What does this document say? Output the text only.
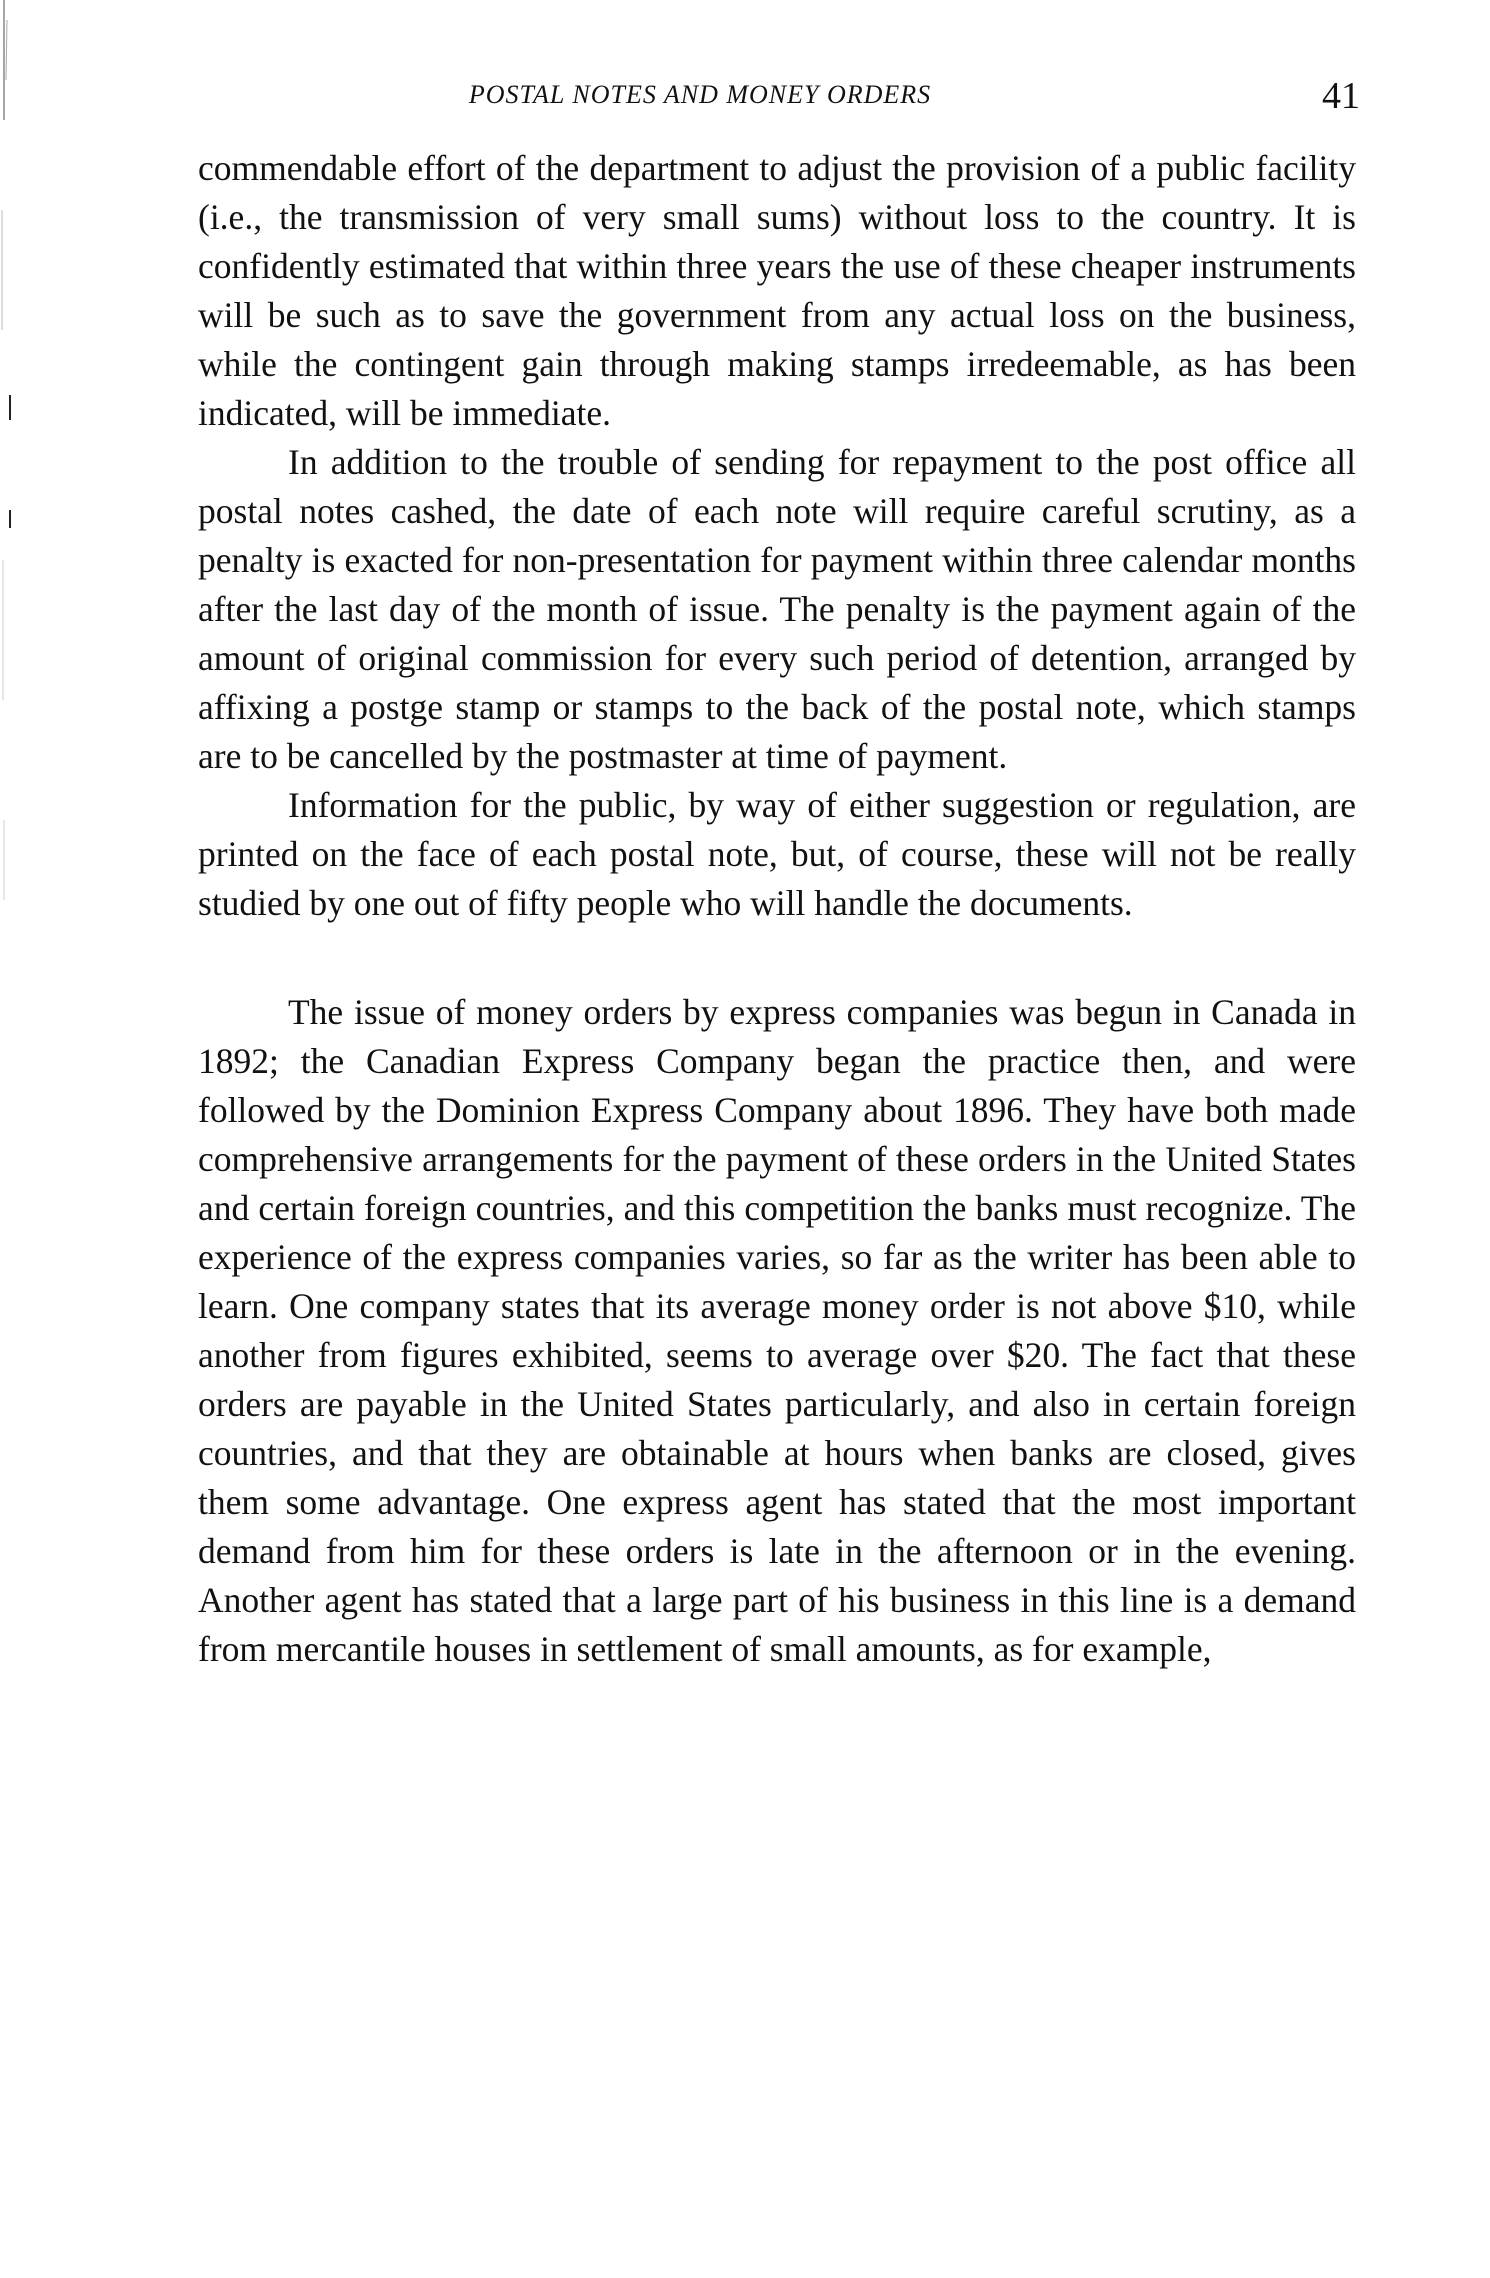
POSTAL NOTES AND MONEY ORDERS	41

commendable effort of the department to adjust the provision of a public facility (i.e., the transmission of very small sums) without loss to the country. It is confidently estimated that within three years the use of these cheaper instruments will be such as to save the government from any actual loss on the business, while the contingent gain through making stamps irredeemable, as has been indicated, will be immediate.

In addition to the trouble of sending for repayment to the post office all postal notes cashed, the date of each note will require careful scrutiny, as a penalty is exacted for non-presentation for payment within three calendar months after the last day of the month of issue. The penalty is the payment again of the amount of original commission for every such period of detention, arranged by affixing a postge stamp or stamps to the back of the postal note, which stamps are to be cancelled by the postmaster at time of payment.

Information for the public, by way of either suggestion or regulation, are printed on the face of each postal note, but, of course, these will not be really studied by one out of fifty people who will handle the documents.

The issue of money orders by express companies was begun in Canada in 1892; the Canadian Express Company began the practice then, and were followed by the Dominion Express Company about 1896. They have both made comprehensive arrangements for the payment of these orders in the United States and certain foreign countries, and this competition the banks must recognize. The experience of the express companies varies, so far as the writer has been able to learn. One company states that its average money order is not above $10, while another from figures exhibited, seems to average over $20. The fact that these orders are payable in the United States particularly, and also in certain foreign countries, and that they are obtainable at hours when banks are closed, gives them some advantage. One express agent has stated that the most important demand from him for these orders is late in the afternoon or in the evening. Another agent has stated that a large part of his business in this line is a demand from mercantile houses in settlement of small amounts, as for example,
